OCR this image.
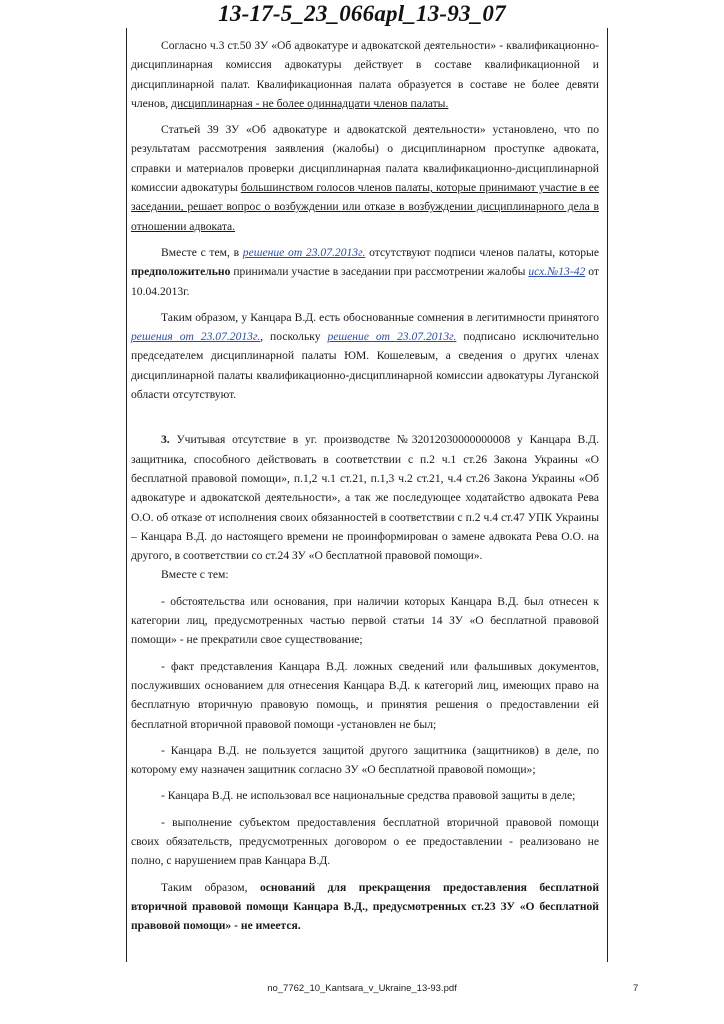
13-17-5_23_066apl_13-93_07

Согласно ч.3 ст.50 ЗУ «Об адвокатуре и адвокатской деятельности» - квалификационно-дисциплинарная комиссия адвокатуры действует в составе квалификационной и дисциплинарной палат. Квалификационная палата образуется в составе не более девяти членов, дисциплинарная - не более одиннадцати членов палаты.

Статьей 39 ЗУ «Об адвокатуре и адвокатской деятельности» установлено, что по результатам рассмотрения заявления (жалобы) о дисциплинарном проступке адвоката, справки и материалов проверки дисциплинарная палата квалификационно-дисциплинарной комиссии адвокатуры большинством голосов членов палаты, которые принимают участие в ее заседании, решает вопрос о возбуждении или отказе в возбуждении дисциплинарного дела в отношении адвоката.

Вместе с тем, в решение от 23.07.2013г. отсутствуют подписи членов палаты, которые предположительно принимали участие в заседании при рассмотрении жалобы исх.№13-42 от 10.04.2013г.

Таким образом, у Канцара В.Д. есть обоснованные сомнения в легитимности принятого решения от 23.07.2013г., поскольку решение от 23.07.2013г. подписано исключительно председателем дисциплинарной палаты ЮМ. Кошелевым, а сведения о других членах дисциплинарной палаты квалификационно-дисциплинарной комиссии адвокатуры Луганской области отсутствуют.

3. Учитывая отсутствие в уг. производстве №32012030000000008 у Канцара В.Д. защитника, способного действовать в соответствии с п.2 ч.1 ст.26 Закона Украины «О бесплатной правовой помощи», п.1,2 ч.1 ст.21, п.1,3 ч.2 ст.21, ч.4 ст.26 Закона Украины «Об адвокатуре и адвокатской деятельности», а так же последующее ходатайство адвоката Рева О.О. об отказе от исполнения своих обязанностей в соответствии с п.2 ч.4 ст.47 УПК Украины – Канцара В.Д. до настоящего времени не проинформирован о замене адвоката Рева О.О. на другого, в соответствии со ст.24 ЗУ «О бесплатной правовой помощи».

Вместе с тем:

- обстоятельства или основания, при наличии которых Канцара В.Д. был отнесен к категории лиц, предусмотренных частью первой статьи 14 ЗУ «О бесплатной правовой помощи» - не прекратили свое существование;

- факт представления Канцара В.Д. ложных сведений или фальшивых документов, послуживших основанием для отнесения Канцара В.Д. к категорий лиц, имеющих право на бесплатную вторичную правовую помощь, и принятия решения о предоставлении ей бесплатной вторичной правовой помощи -установлен не был;

- Канцара В.Д. не пользуется защитой другого защитника (защитников) в деле, по которому ему назначен защитник согласно ЗУ «О бесплатной правовой помощи»;

- Канцара В.Д. не использовал все национальные средства правовой защиты в деле;

- выполнение субъектом предоставления бесплатной вторичной правовой помощи своих обязательств, предусмотренных договором о ее предоставлении - реализовано не полно, с нарушением прав Канцара В.Д.

Таким образом, оснований для прекращения предоставления бесплатной вторичной правовой помощи Канцара В.Д., предусмотренных ст.23 ЗУ «О бесплатной правовой помощи» - не имеется.

no_7762_10_Kantsara_v_Ukraine_13-93.pdf	7
